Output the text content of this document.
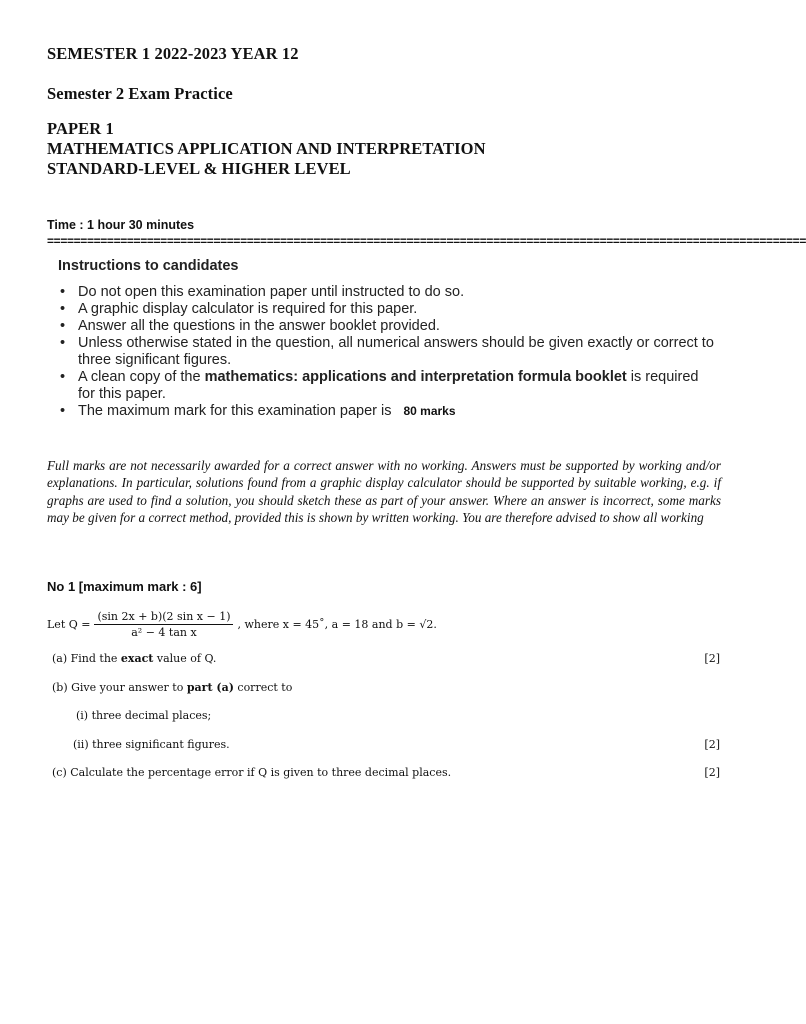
SEMESTER 1 2022-2023 YEAR 12
Semester 2 Exam Practice
PAPER 1
MATHEMATICS APPLICATION AND INTERPRETATION
STANDARD-LEVEL & HIGHER LEVEL
Time : 1 hour 30 minutes
==================================================================================================================
Instructions to candidates
• Do not open this examination paper until instructed to do so.
• A graphic display calculator is required for this paper.
• Answer all the questions in the answer booklet provided.
• Unless otherwise stated in the question, all numerical answers should be given exactly or correct to three significant figures.
• A clean copy of the mathematics: applications and interpretation formula booklet is required for this paper.
• The maximum mark for this examination paper is 80 marks
Full marks are not necessarily awarded for a correct answer with no working. Answers must be supported by working and/or explanations. In particular, solutions found from a graphic display calculator should be supported by suitable working, e.g. if graphs are used to find a solution, you should sketch these as part of your answer. Where an answer is incorrect, some marks may be given for a correct method, provided this is shown by written working. You are therefore advised to show all working
No 1 [maximum mark : 6]
Let $Q = \frac{\text{(sin 2x + b)(2 sin x − 1)}}{\text{a² − 4 tan x}}$ , where x = 45˚, a = 18 and b = √2.
(a) Find the exact value of Q.	[2]
(b) Give your answer to part (a) correct to
(i) three decimal places;
(ii) three significant figures.	[2]
(c) Calculate the percentage error if Q is given to three decimal places.	[2]
